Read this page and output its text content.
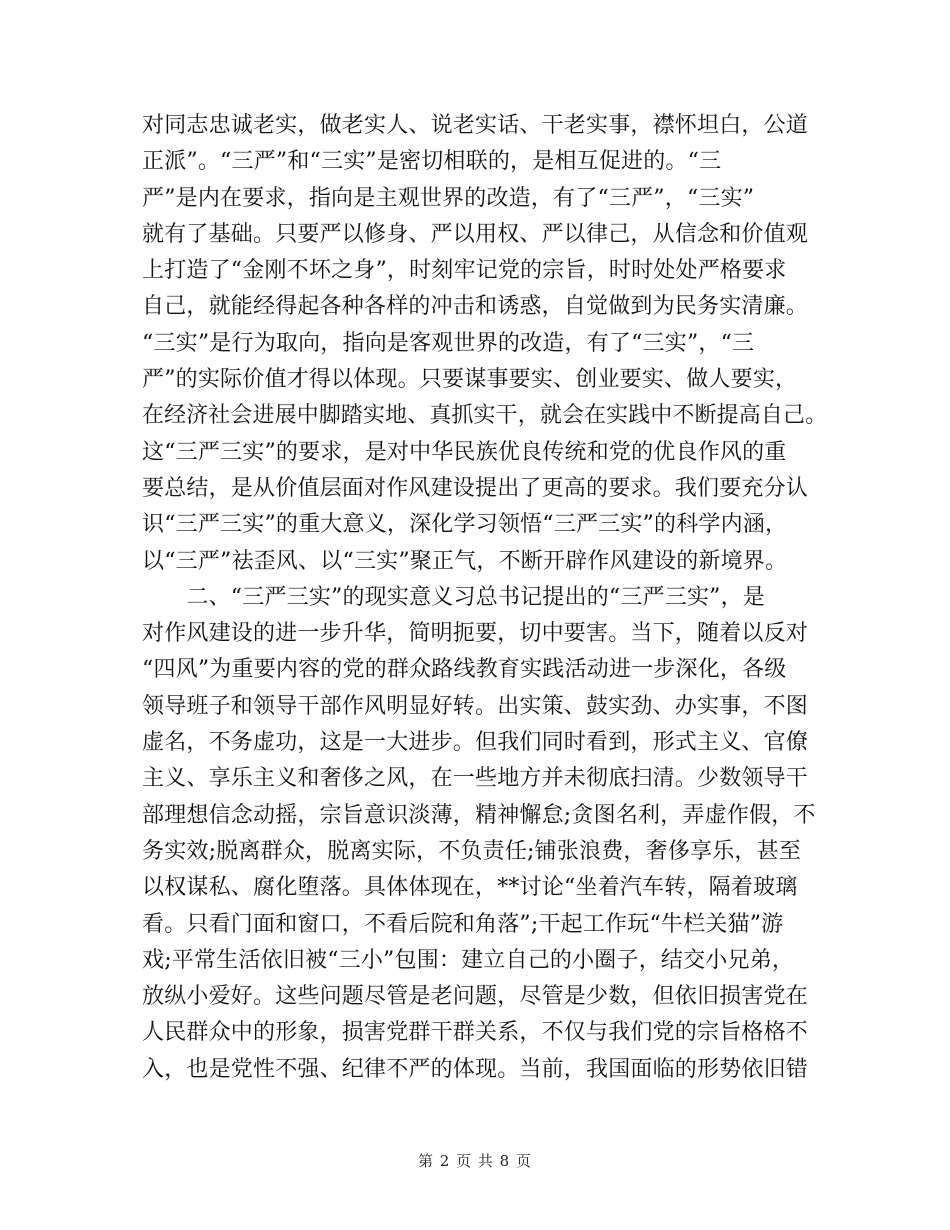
对同志忠诚老实，做老实人、说老实话、干老实事，襟怀坦白，公道
正派”。“三严”和“三实”是密切相联的，是相互促进的。“三
严”是内在要求，指向是主观世界的改造，有了“三严”，“三实”
就有了基础。只要严以修身、严以用权、严以律己，从信念和价值观
上打造了“金刚不坏之身”，时刻牢记党的宗旨，时时处处严格要求
自己，就能经得起各种各样的冲击和诱惑，自觉做到为民务实清廉。
“三实”是行为取向，指向是客观世界的改造，有了“三实”，“三
严”的实际价值才得以体现。只要谋事要实、创业要实、做人要实，
在经济社会进展中脚踏实地、真抓实干，就会在实践中不断提高自己。
这“三严三实”的要求，是对中华民族优良传统和党的优良作风的重
要总结，是从价值层面对作风建设提出了更高的要求。我们要充分认
识“三严三实”的重大意义，深化学习领悟“三严三实”的科学内涵，
以“三严”祛歪风、以“三实”聚正气，不断开辟作风建设的新境界。
　　二、“三严三实”的现实意义习总书记提出的“三严三实”，是
对作风建设的进一步升华，简明扼要，切中要害。当下，随着以反对
“四风”为重要内容的党的群众路线教育实践活动进一步深化，各级
领导班子和领导干部作风明显好转。出实策、鼓实劲、办实事，不图
虚名，不务虚功，这是一大进步。但我们同时看到，形式主义、官僚
主义、享乐主义和奢侈之风，在一些地方并未彻底扫清。少数领导干
部理想信念动摇，宗旨意识淡薄，精神懈怠;贪图名利，弄虚作假，不
务实效;脱离群众，脱离实际，不负责任;铺张浪费，奢侈享乐，甚至
以权谋私、腐化堕落。具体体现在，**讨论“坐着汽车转，隔着玻璃
看。只看门面和窗口，不看后院和角落”;干起工作玩“牛栏关猫”游
戏;平常生活依旧被“三小”包围：建立自己的小圈子，结交小兄弟，
放纵小爱好。这些问题尽管是老问题，尽管是少数，但依旧损害党在
人民群众中的形象，损害党群干群关系，不仅与我们党的宗旨格格不
入，也是党性不强、纪律不严的体现。当前，我国面临的形势依旧错
第 2 页 共 8 页
